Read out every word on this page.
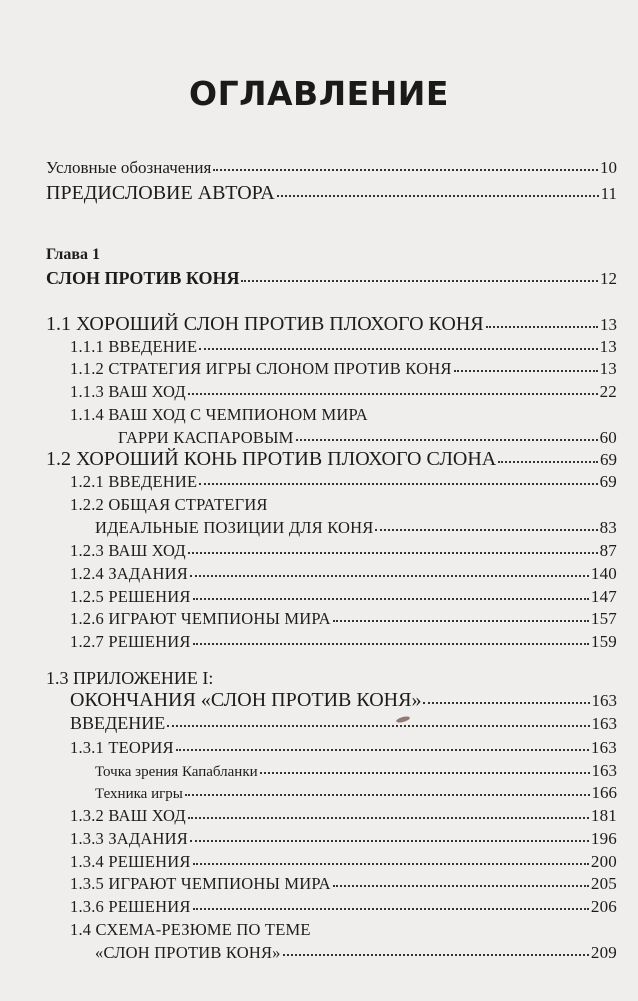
ОГЛАВЛЕНИЕ
Условные обозначения	10
ПРЕДИСЛОВИЕ АВТОРА	11
Глава 1
СЛОН ПРОТИВ КОНЯ	12
1.1 ХОРОШИЙ СЛОН ПРОТИВ ПЛОХОГО КОНЯ	13
1.1.1 ВВЕДЕНИЕ	13
1.1.2 СТРАТЕГИЯ ИГРЫ СЛОНОМ ПРОТИВ КОНЯ	13
1.1.3 ВАШ ХОД	22
1.1.4 ВАШ ХОД С ЧЕМПИОНОМ МИРА
ГАРРИ КАСПАРОВЫМ	60
1.2 ХОРОШИЙ КОНЬ ПРОТИВ ПЛОХОГО СЛОНА	69
1.2.1 ВВЕДЕНИЕ	69
1.2.2 ОБЩАЯ СТРАТЕГИЯ
ИДЕАЛЬНЫЕ ПОЗИЦИИ ДЛЯ КОНЯ	83
1.2.3 ВАШ ХОД	87
1.2.4 ЗАДАНИЯ	140
1.2.5 РЕШЕНИЯ	147
1.2.6 ИГРАЮТ ЧЕМПИОНЫ МИРА	157
1.2.7 РЕШЕНИЯ	159
1.3 ПРИЛОЖЕНИЕ I:
ОКОНЧАНИЯ «СЛОН ПРОТИВ КОНЯ»	163
ВВЕДЕНИЕ	163
1.3.1 ТЕОРИЯ	163
Точка зрения Капабланки	163
Техника игры	166
1.3.2 ВАШ ХОД	181
1.3.3 ЗАДАНИЯ	196
1.3.4 РЕШЕНИЯ	200
1.3.5 ИГРАЮТ ЧЕМПИОНЫ МИРА	205
1.3.6 РЕШЕНИЯ	206
1.4 СХЕМА-РЕЗЮМЕ ПО ТЕМЕ
«СЛОН ПРОТИВ КОНЯ»	209
